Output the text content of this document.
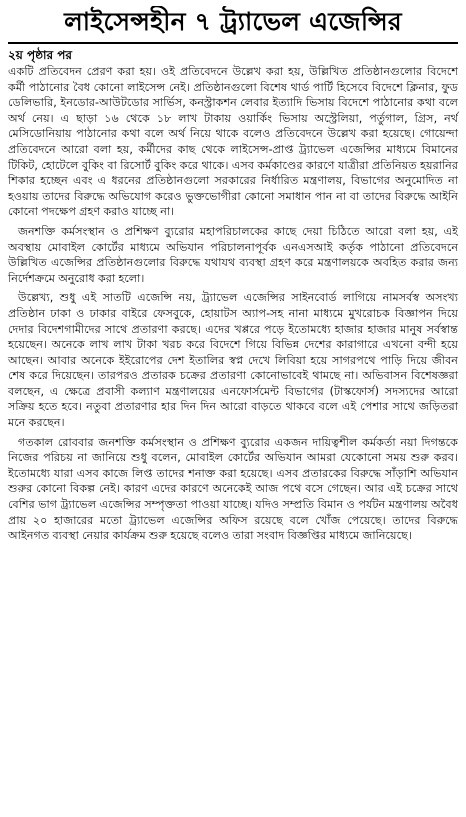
লাইসেন্সহীন ৭ ট্র্যাভেল এজেন্সির
২য় পৃষ্ঠার পর

একটি প্রতিবেদন প্রেরণ করা হয়। ওই প্রতিবেদনে উল্লেখ করা হয়, উল্লিখিত প্রতিষ্ঠানগুলোর বিদেশে কর্মী পাঠানোর বৈধ কোনো লাইসেন্স নেই। প্রতিষ্ঠানগুলো বিশেষ থার্ড পার্টি হিসেবে বিদেশে ক্লিনার, ফুড ডেলিভারি, ইনডোর-আউটডোর সার্ভিস, কনস্ট্রাকশন লেবার ইত্যাদি ভিসায় বিদেশে পাঠানোর কথা বলে অর্থ নেয়। এ ছাড়া ১৬ থেকে ১৮ লাখ টাকায় ওয়ার্কিং ভিসায় অস্ট্রেলিয়া, পর্তুগাল, গ্রিস, নর্থ মেসিডোনিয়ায় পাঠানোর কথা বলে অর্থ নিয়ে থাকে বলেও প্রতিবেদনে উল্লেখ করা হয়েছে। গোয়েন্দা প্রতিবেদনে আরো বলা হয়, কর্মীদের কাছ থেকে লাইসেন্স-প্রাপ্ত ট্র্যাভেল এজেন্সির মাধ্যমে বিমানের টিকিট, হোটেলে বুকিং বা রিসোর্ট বুকিং করে থাকে। এসব কর্মকাণ্ডের কারণে যাত্রীরা প্রতিনিয়ত হয়রানির শিকার হচ্ছেন এবং এ ধরনের প্রতিষ্ঠানগুলো সরকারের নির্ধারিত মন্ত্রণালয়, বিভাগের অনুমোদিত না হওয়ায় তাদের বিরুদ্ধে অভিযোগ করেও ভুক্তভোগীরা কোনো সমাধান পান না বা তাদের বিরুদ্ধে আইনি কোনো পদক্ষেপ গ্রহণ করাও যাচ্ছে না।

জনশক্তি কর্মসংস্থান ও প্রশিক্ষণ ব্যুরোর মহাপরিচালকের কাছে দেয়া চিঠিতে আরো বলা হয়, এই অবস্থায় মোবাইল কোর্টের মাধ্যমে অভিযান পরিচালনাপূর্বক এনএসআই কর্তৃক পাঠানো প্রতিবেদনে উল্লিখিত এজেন্সির প্রতিষ্ঠানগুলোর বিরুদ্ধে যথাযথ ব্যবস্থা গ্রহণ করে মন্ত্রণালয়কে অবহিত করার জন্য নির্দেশক্রমে অনুরোধ করা হলো।

উল্লেখ্য, শুধু এই সাতটি এজেন্সি নয়, ট্র্যাভেল এজেন্সির সাইনবোর্ড লাগিয়ে নামসর্বস্ব অসংখ্য প্রতিষ্ঠান ঢাকা ও ঢাকার বাইরে ফেসবুকে, হোয়াটস অ্যাপ-সহ নানা মাধ্যমে মুখরোচক বিজ্ঞাপন দিয়ে দেদার বিদেশগামীদের সাথে প্রতারণা করছে। এদের খপ্পরে পড়ে ইতোমধ্যে হাজার হাজার মানুষ সর্বস্বান্ত হয়েছেন। অনেকে লাখ লাখ টাকা খরচ করে বিদেশে গিয়ে বিভিন্ন দেশের কারাগারে এখনো বন্দী হয়ে আছেন। আবার অনেকে ইইরোপের দেশ ইতালির স্বপ্ন দেখে লিবিয়া হয়ে সাগরপথে পাড়ি দিয়ে জীবন শেষ করে দিয়েছেন। তারপরও প্রতারক চক্রের প্রতারণা কোনোভাবেই থামছে না। অভিবাসন বিশেষজ্ঞরা বলছেন, এ ক্ষেত্রে প্রবাসী কল্যাণ মন্ত্রণালয়ের এনফোর্সমেন্ট বিভাগের (টাস্কফোর্স) সদস্যদের আরো সক্রিয় হতে হবে। নতুবা প্রতারণার হার দিন দিন আরো বাড়তে থাকবে বলে এই পেশার সাথে জড়িতরা মনে করছেন।

গতকাল রোববার জনশক্তি কর্মসংস্থান ও প্রশিক্ষণ ব্যুরোর একজন দায়িত্বশীল কর্মকর্তা নয়া দিগন্তকে নিজের পরিচয় না জানিয়ে শুধু বলেন, মোবাইল কোর্টের অভিযান আমরা যেকোনো সময় শুরু করব। ইতোমধ্যে যারা এসব কাজে লিপ্ত তাদের শনাক্ত করা হয়েছে। এসব প্রতারকের বিরুদ্ধে সাঁড়াশি অভিযান শুরুর কোনো বিকল্প নেই। কারণ এদের কারণে অনেকেই আজ পথে বসে গেছেন। আর এই চক্রের সাথে বেশির ভাগ ট্র্যাভেল এজেন্সির সম্পৃক্ততা পাওয়া যাচ্ছে। যদিও সম্প্রতি বিমান ও পর্যটন মন্ত্রণালয় অবৈধ প্রায় ২০ হাজারের মতো ট্র্যাভেল এজেন্সির অফিস রয়েছে বলে খোঁজ পেয়েছে। তাদের বিরুদ্ধে আইনগত ব্যবস্থা নেয়ার কার্যক্রম শুরু হয়েছে বলেও তারা সংবাদ বিজ্ঞপ্তির মাধ্যমে জানিয়েছে।
